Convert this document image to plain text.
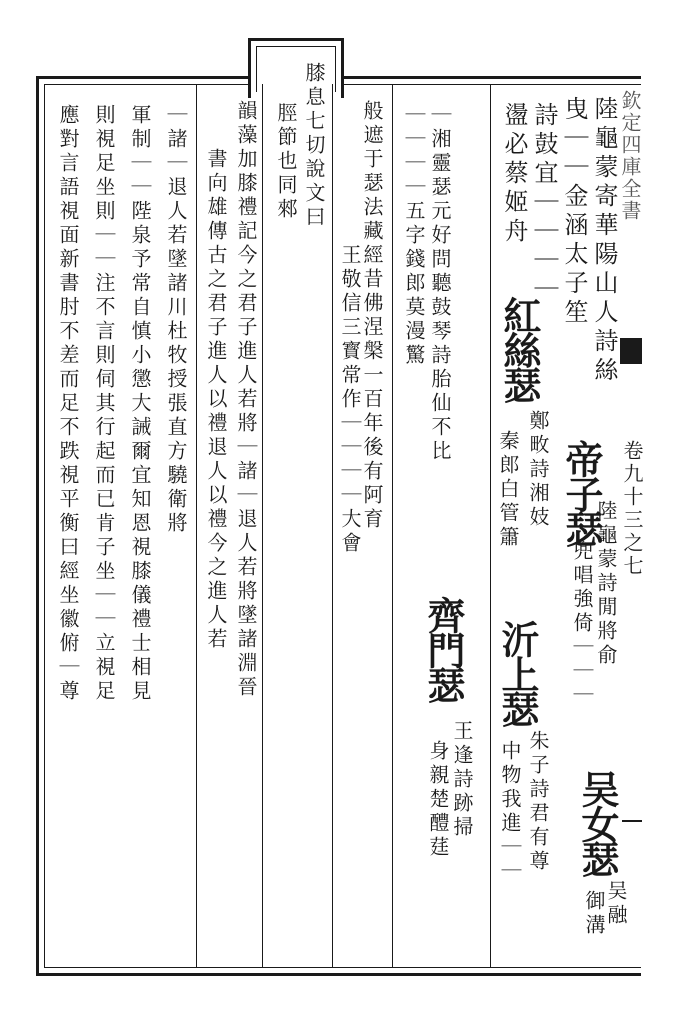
欽定四庫全書
卷九十三之七
陸龜蒙寄華陽山人詩絲
曳｜｜金涵太子笙
詩鼓宜｜｜｜｜
盪必蔡姬舟
帝子瑟
陸龜蒙詩閒將俞
兜唱強倚｜｜｜
紅絲瑟
鄭畋詩湘妓
秦郎白管簫
沂上瑟
朱子詩君有尊
中物我進｜｜ 吴女瑟
吴融
御溝
｜湘靈瑟元好問聽鼓琴詩胎仙不比
｜｜｜｜五字錢郎莫漫驚
齊門瑟
王逢詩跡掃
身親楚醴莛
般遮于瑟法藏經昔佛涅槃一百年後有阿育
王敬信三寳常作｜｜｜｜大會
膝息七切說文曰
脛節也同郲
韻藻加膝禮記今之君子進人若將｜諸｜退人若將墜諸淵晉
書向雄傳古之君子進人以禮退人以禮今之進人若
｜諸｜退人若墜諸川杜牧授張直方驍衛將
軍制｜｜陛泉予常自慎小懲大誡爾宜知恩視膝儀禮士相見
則視足坐則｜｜注不言則伺其行起而已肯子坐｜｜立視足
應對言語視面新書肘不差而足不跌視平衡曰經坐徽俯｜尊
